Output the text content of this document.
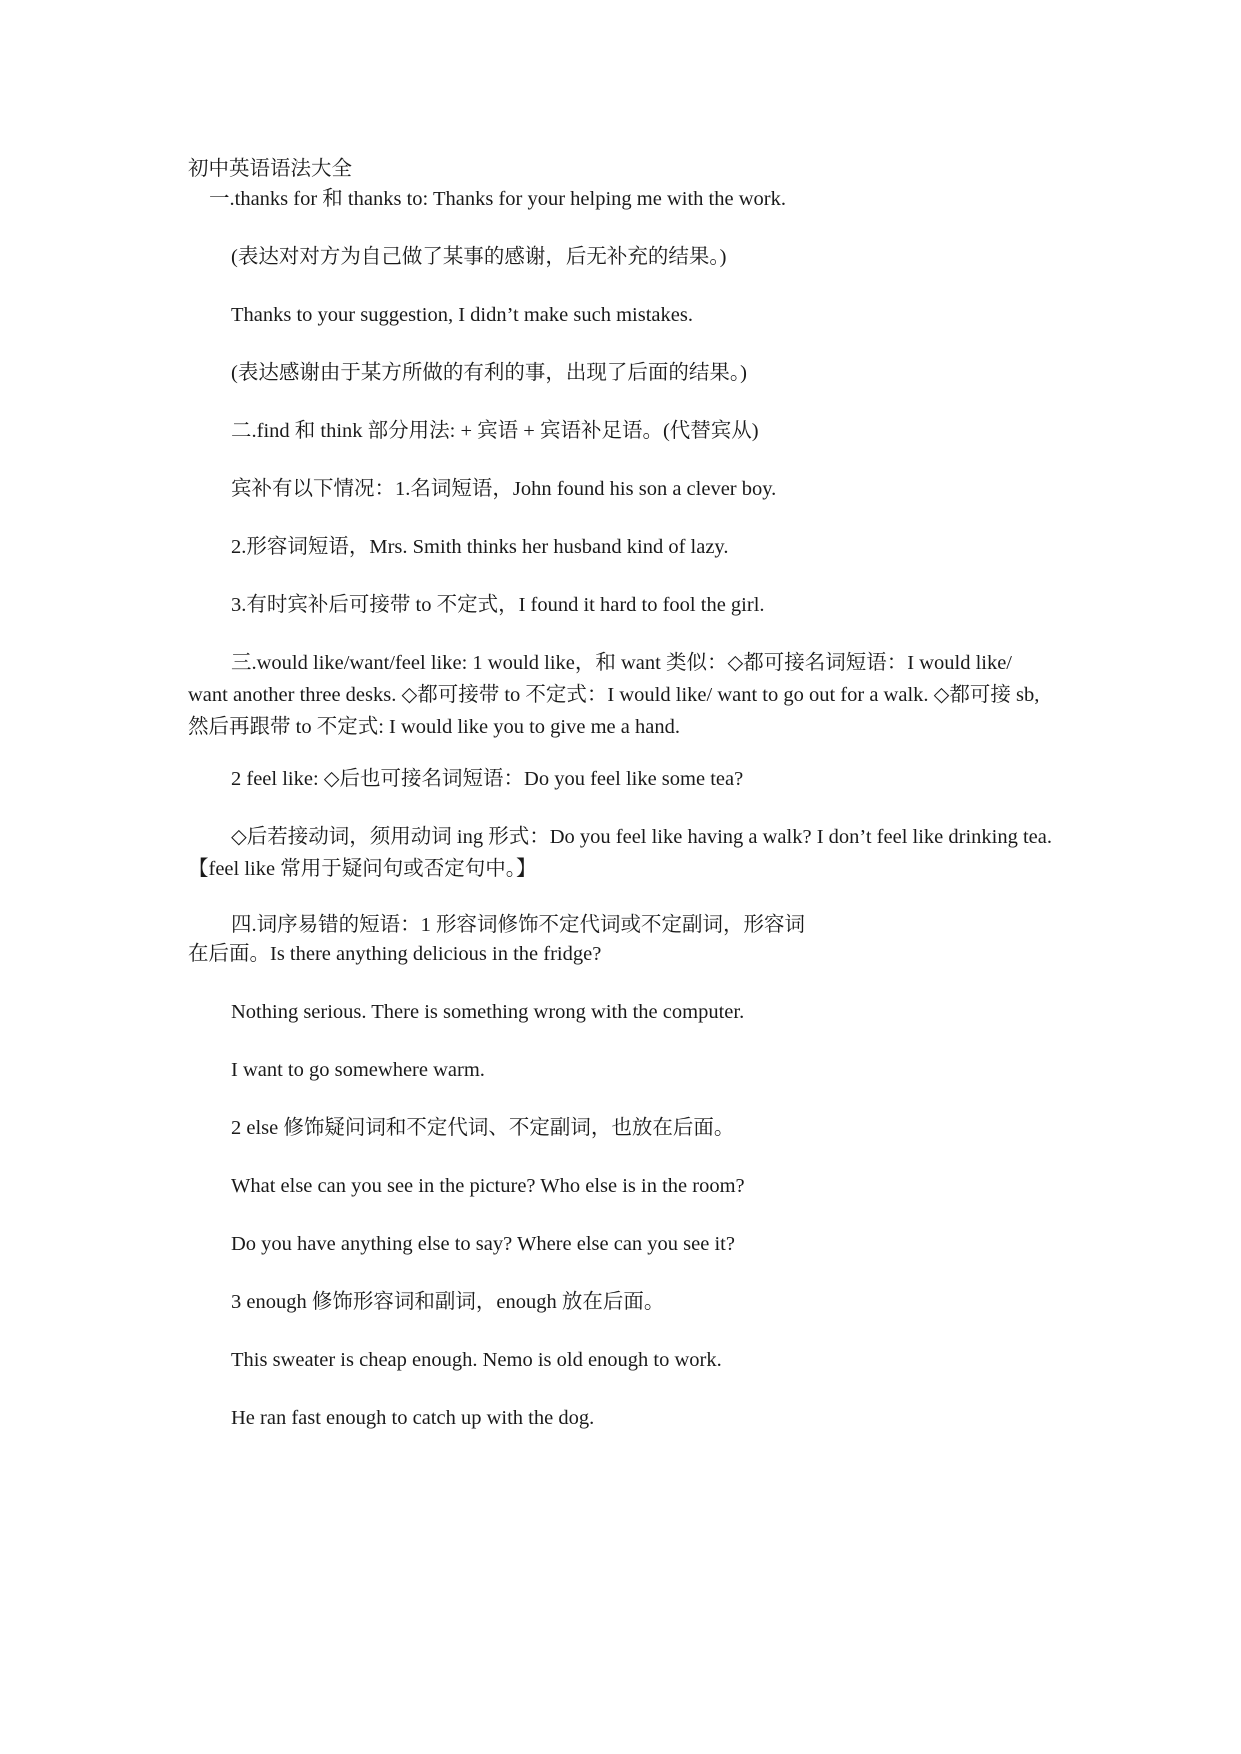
初中英语语法大全

一.thanks for 和 thanks to: Thanks for your helping me with the work.

(表达对对方为自己做了某事的感谢，后无补充的结果。)

Thanks to your suggestion, I didn’t make such mistakes.

(表达感谢由于某方所做的有利的事，出现了后面的结果。)

二.find 和 think 部分用法: + 宾语 + 宾语补足语。(代替宾从)

宾补有以下情况：1.名词短语，John found his son a clever boy.

2.形容词短语，Mrs. Smith thinks her husband kind of lazy.

3.有时宾补后可接带 to 不定式，I found it hard to fool the girl.

三.would like/want/feel like: 1 would like，和 want 类似：◇都可接名词短语：I would like/ want another three desks. ◇都可接带 to 不定式：I would like/ want to go out for a walk. ◇都可接 sb,然后再跟带 to 不定式: I would like you to give me a hand.

2 feel like: ◇后也可接名词短语：Do you feel like some tea?

◇后若接动词，须用动词 ing 形式：Do you feel like having a walk? I don’t feel like drinking tea.【feel like 常用于疑问句或否定句中。】

四.词序易错的短语：1 形容词修饰不定代词或不定副词，形容词

在后面。Is there anything delicious in the fridge?

Nothing serious. There is something wrong with the computer.

I want to go somewhere warm.

2 else 修饰疑问词和不定代词、不定副词，也放在后面。

What else can you see in the picture? Who else is in the room?

Do you have anything else to say? Where else can you see it?

3 enough 修饰形容词和副词，enough 放在后面。

This sweater is cheap enough. Nemo is old enough to work.

He ran fast enough to catch up with the dog.
